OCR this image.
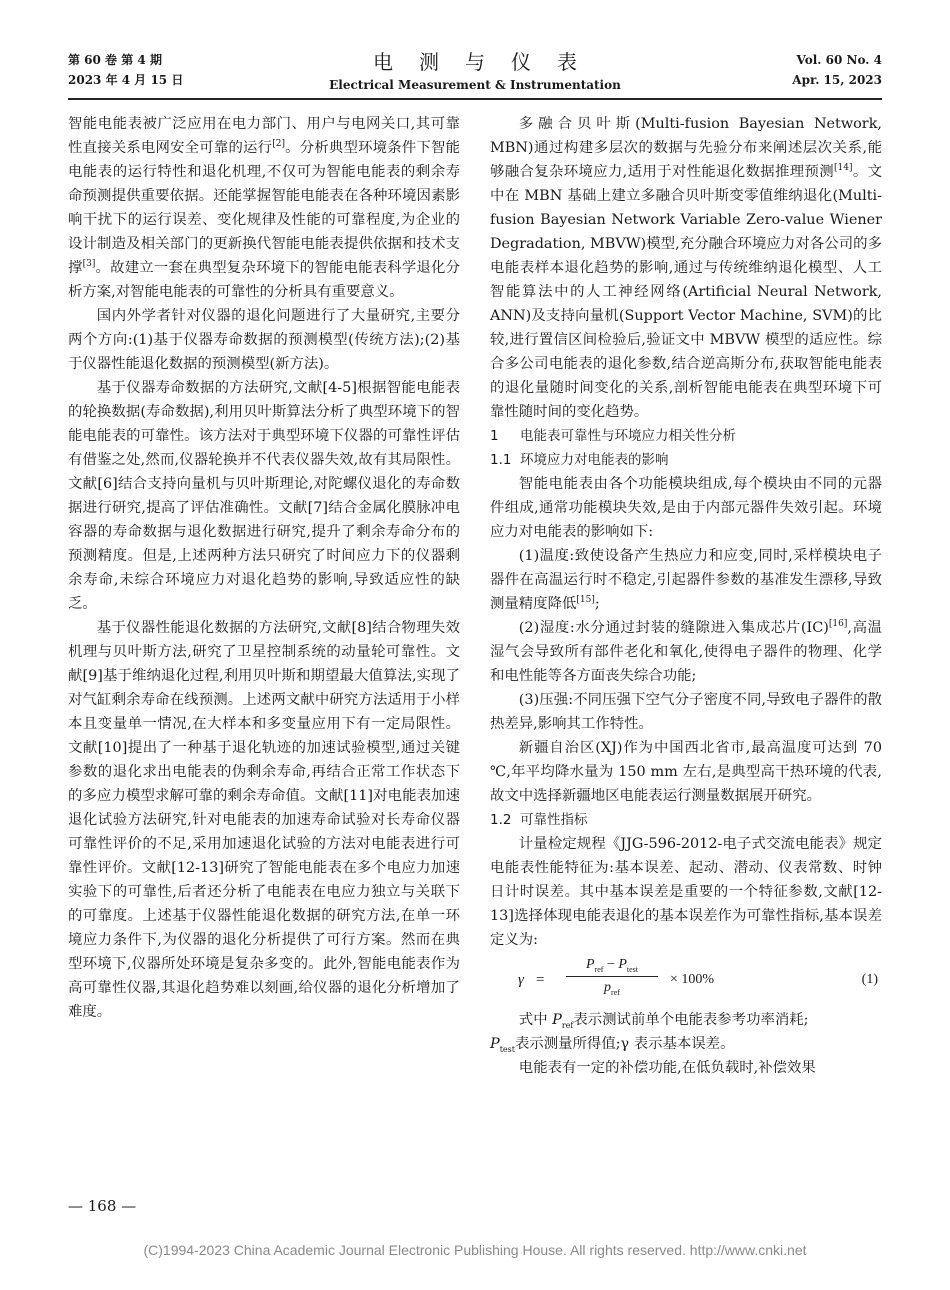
第 60 卷 第 4 期
2023 年 4 月 15 日
电测与仪表
Electrical Measurement & Instrumentation
Vol. 60 No. 4
Apr. 15, 2023

智能电能表被广泛应用在电力部门、用户与电网关口,其可靠性直接关系电网安全可靠的运行[2]。分析典型环境条件下智能电能表的运行特性和退化机理,不仅可为智能电能表的剩余寿命预测提供重要依据。还能掌握智能电能表在各种环境因素影响干扰下的运行误差、变化规律及性能的可靠程度,为企业的设计制造及相关部门的更新换代智能电能表提供依据和技术支撑[3]。故建立一套在典型复杂环境下的智能电能表科学退化分析方案,对智能电能表的可靠性的分析具有重要意义。

国内外学者针对仪器的退化问题进行了大量研究,主要分两个方向:(1)基于仪器寿命数据的预测模型(传统方法);(2)基于仪器性能退化数据的预测模型(新方法)。

基于仪器寿命数据的方法研究,文献[4-5]根据智能电能表的轮换数据(寿命数据),利用贝叶斯算法分析了典型环境下的智能电能表的可靠性。该方法对于典型环境下仪器的可靠性评估有借鉴之处,然而,仪器轮换并不代表仪器失效,故有其局限性。文献[6]结合支持向量机与贝叶斯理论,对陀螺仪退化的寿命数据进行研究,提高了评估准确性。文献[7]结合金属化膜脉冲电容器的寿命数据与退化数据进行研究,提升了剩余寿命分布的预测精度。但是,上述两种方法只研究了时间应力下的仪器剩余寿命,未综合环境应力对退化趋势的影响,导致适应性的缺乏。

基于仪器性能退化数据的方法研究,文献[8]结合物理失效机理与贝叶斯方法,研究了卫星控制系统的动量轮可靠性。文献[9]基于维纳退化过程,利用贝叶斯和期望最大值算法,实现了对气缸剩余寿命在线预测。上述两文献中研究方法适用于小样本且变量单一情况,在大样本和多变量应用下有一定局限性。文献[10]提出了一种基于退化轨迹的加速试验模型,通过关键参数的退化求出电能表的伪剩余寿命,再结合正常工作状态下的多应力模型求解可靠的剩余寿命值。文献[11]对电能表加速退化试验方法研究,针对电能表的加速寿命试验对长寿命仪器可靠性评价的不足,采用加速退化试验的方法对电能表进行可靠性评价。文献[12-13]研究了智能电能表在多个电应力加速实验下的可靠性,后者还分析了电能表在电应力独立与关联下的可靠度。上述基于仪器性能退化数据的研究方法,在单一环境应力条件下,为仪器的退化分析提供了可行方案。然而在典型环境下,仪器所处环境是复杂多变的。此外,智能电能表作为高可靠性仪器,其退化趋势难以刻画,给仪器的退化分析增加了难度。

多融合贝叶斯(Multi-fusion Bayesian Network, MBN)通过构建多层次的数据与先验分布来阐述层次关系,能够融合复杂环境应力,适用于对性能退化数据推理预测[14]。文中在 MBN 基础上建立多融合贝叶斯变零值维纳退化(Multi-fusion Bayesian Network Variable Zero-value Wiener Degradation, MBVW)模型,充分融合环境应力对各公司的多电能表样本退化趋势的影响,通过与传统维纳退化模型、人工智能算法中的人工神经网络(Artificial Neural Network, ANN)及支持向量机(Support Vector Machine, SVM)的比较,进行置信区间检验后,验证文中 MBVW 模型的适应性。综合多公司电能表的退化参数,结合逆高斯分布,获取智能电能表的退化量随时间变化的关系,剖析智能电能表在典型环境下可靠性随时间的变化趋势。

1 电能表可靠性与环境应力相关性分析
1.1 环境应力对电能表的影响

智能电能表由各个功能模块组成,每个模块由不同的元器件组成,通常功能模块失效,是由于内部元器件失效引起。环境应力对电能表的影响如下:

(1)温度:致使设备产生热应力和应变,同时,采样模块电子器件在高温运行时不稳定,引起器件参数的基准发生漂移,导致测量精度降低[15];

(2)湿度:水分通过封装的缝隙进入集成芯片(IC)[16],高温湿气会导致所有部件老化和氧化,使得电子器件的物理、化学和电性能等各方面丧失综合功能;

(3)压强:不同压强下空气分子密度不同,导致电子器件的散热差异,影响其工作特性。

新疆自治区(XJ)作为中国西北省市,最高温度可达到 70 ℃,年平均降水量为 150 mm 左右,是典型高干热环境的代表,故文中选择新疆地区电能表运行测量数据展开研究。

1.2 可靠性指标

计量检定规程《JJG-596-2012-电子式交流电能表》规定电能表性能特征为:基本误差、起动、潜动、仪表常数、时钟日计时误差。其中基本误差是重要的一个特征参数,文献[12-13]选择体现电能表退化的基本误差作为可靠性指标,基本误差定义为:

γ =
$P_{ref} - P_{test}$
$p_{ref}$
× 100%	(1)

式中 $P_{ref}$表示测试前单个电能表参考功率消耗;

$P_{test}$表示测量所得值;γ 表示基本误差。

电能表有一定的补偿功能,在低负载时,补偿效果

— 168 —
(C)1994-2023 China Academic Journal Electronic Publishing House. All rights reserved. http://www.cnki.net
